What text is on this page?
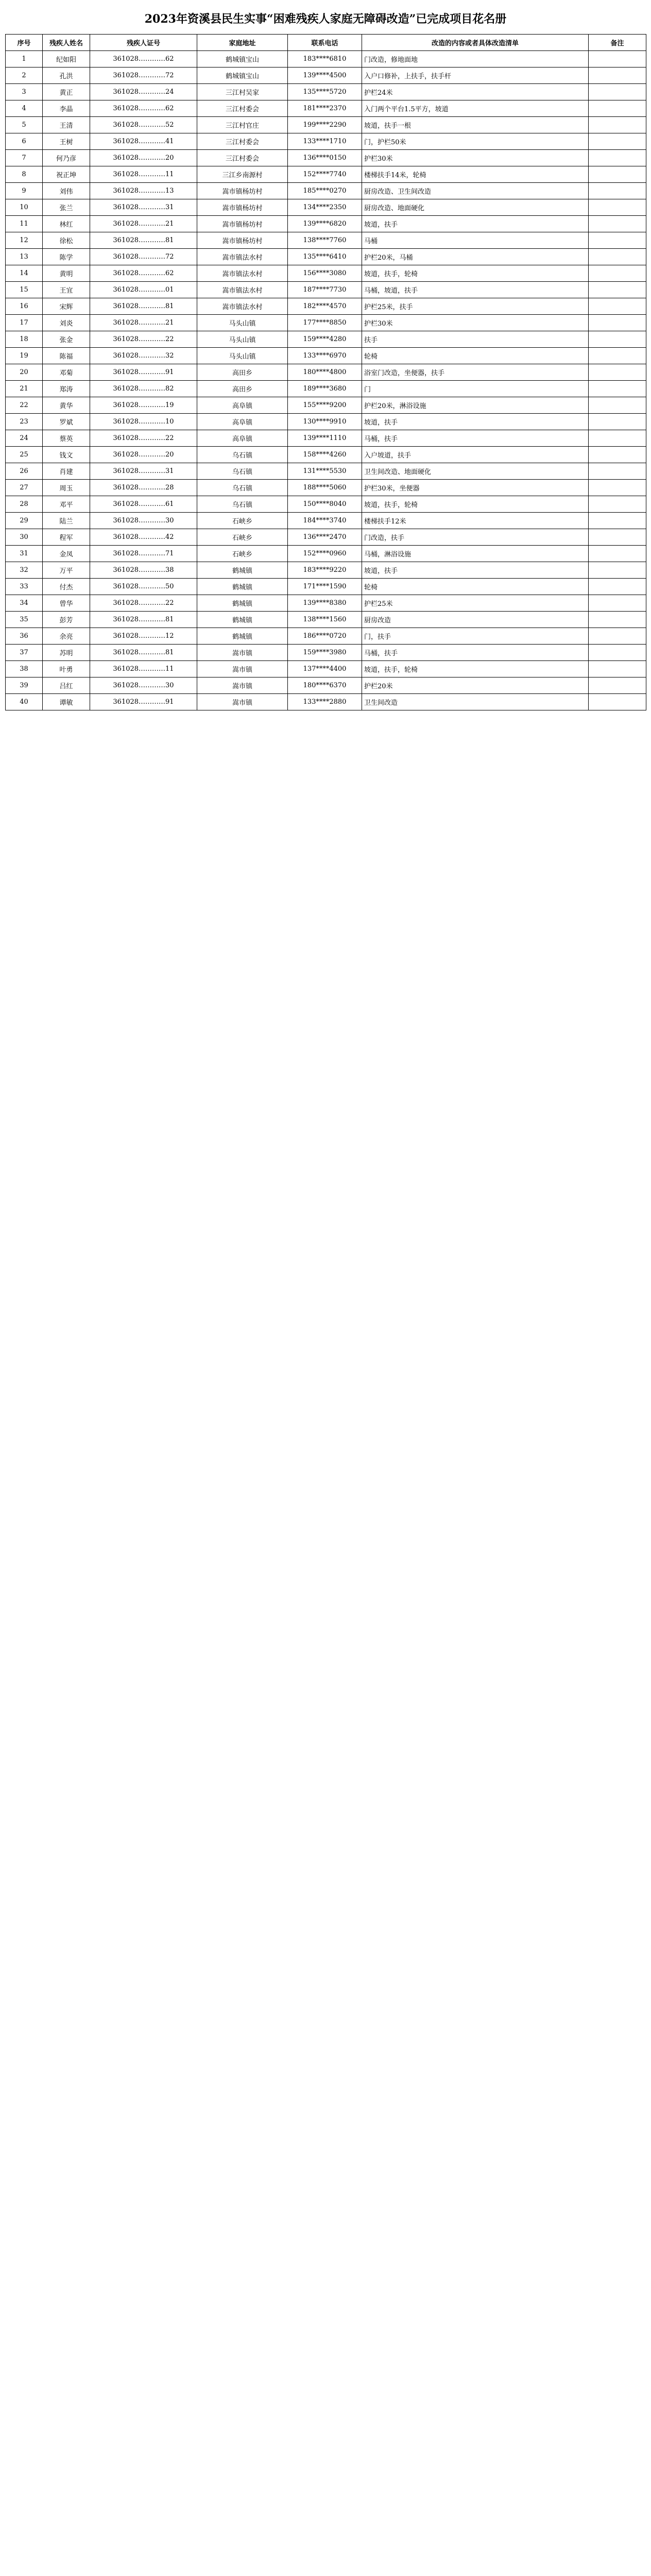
2023年资溪县民生实事“困难残疾人家庭无障碍改造”已完成项目花名册
序号	残疾人姓名	残疾人证号	家庭地址	联系电话	改造的内容或者具体改造清单	备注
1	纪如阳	361028…………62	鹤城镇宝山	183****6810	门改造，修地面地	
2	孔洪	361028…………72	鹤城镇宝山	139****4500	入户口修补，上扶手，扶手杆	
3	黄正	361028…………24	三江村吴家	135****5720	护栏24米	
4	李晶	361028…………62	三江村委会	181****2370	入门两个平台1.5平方，坡道	
5	王清	361028…………52	三江村官庄	199****2290	坡道，扶手一根	
6	王树	361028…………41	三江村委会	133****1710	门，护栏50米	
7	何乃彦	361028…………20	三江村委会	136****0150	护栏30米	
8	祝正坤	361028…………11	三江乡南源村	152****7740	楼梯扶手14米，轮椅	
9	刘伟	361028…………13	嵩市镇杨坊村	185****0270	厨房改造、卫生间改造	
10	张兰	361028…………31	嵩市镇杨坊村	134****2350	厨房改造、地面硬化	
11	林红	361028…………21	嵩市镇杨坊村	139****6820	坡道，扶手	
12	徐松	361028…………81	嵩市镇杨坊村	138****7760	马桶	
13	陈学	361028…………72	嵩市镇法水村	135****6410	护栏20米，马桶	
14	黄明	361028…………62	嵩市镇法水村	156****3080	坡道，扶手，轮椅	
15	王宜	361028…………01	嵩市镇法水村	187****7730	马桶，坡道，扶手	
16	宋辉	361028…………81	嵩市镇法水村	182****4570	护栏25米，扶手	
17	刘炎	361028…………21	马头山镇	177****8850	护栏30米	
18	张金	361028…………22	马头山镇	159****4280	扶手	
19	陈福	361028…………32	马头山镇	133****6970	轮椅	
20	邓菊	361028…………91	高田乡	180****4800	浴室门改造，坐便器，扶手	
21	郑涛	361028…………82	高田乡	189****3680	门	
22	黄华	361028…………19	高阜镇	155****9200	护栏20米，淋浴设施	
23	罗斌	361028…………10	高阜镇	130****9910	坡道，扶手	
24	蔡英	361028…………22	高阜镇	139****1110	马桶，扶手	
25	钱文	361028…………20	乌石镇	158****4260	入户坡道，扶手	
26	肖建	361028…………31	乌石镇	131****5530	卫生间改造、地面硬化	
27	周玉	361028…………28	乌石镇	188****5060	护栏30米，坐便器	
28	邓平	361028…………61	乌石镇	150****8040	坡道，扶手，轮椅	
29	陆兰	361028…………30	石峡乡	184****3740	楼梯扶手12米	
30	程军	361028…………42	石峡乡	136****2470	门改造，扶手	
31	金凤	361028…………71	石峡乡	152****0960	马桶，淋浴设施	
32	万平	361028…………38	鹤城镇	183****9220	坡道，扶手	
33	付杰	361028…………50	鹤城镇	171****1590	轮椅	
34	曾华	361028…………22	鹤城镇	139****8380	护栏25米	
35	彭芳	361028…………81	鹤城镇	138****1560	厨房改造	
36	余亮	361028…………12	鹤城镇	186****0720	门，扶手	
37	苏明	361028…………81	嵩市镇	159****3980	马桶，扶手	
38	叶勇	361028…………11	嵩市镇	137****4400	坡道，扶手，轮椅	
39	吕红	361028…………30	嵩市镇	180****6370	护栏20米	
40	谭敏	361028…………91	嵩市镇	133****2880	卫生间改造	
